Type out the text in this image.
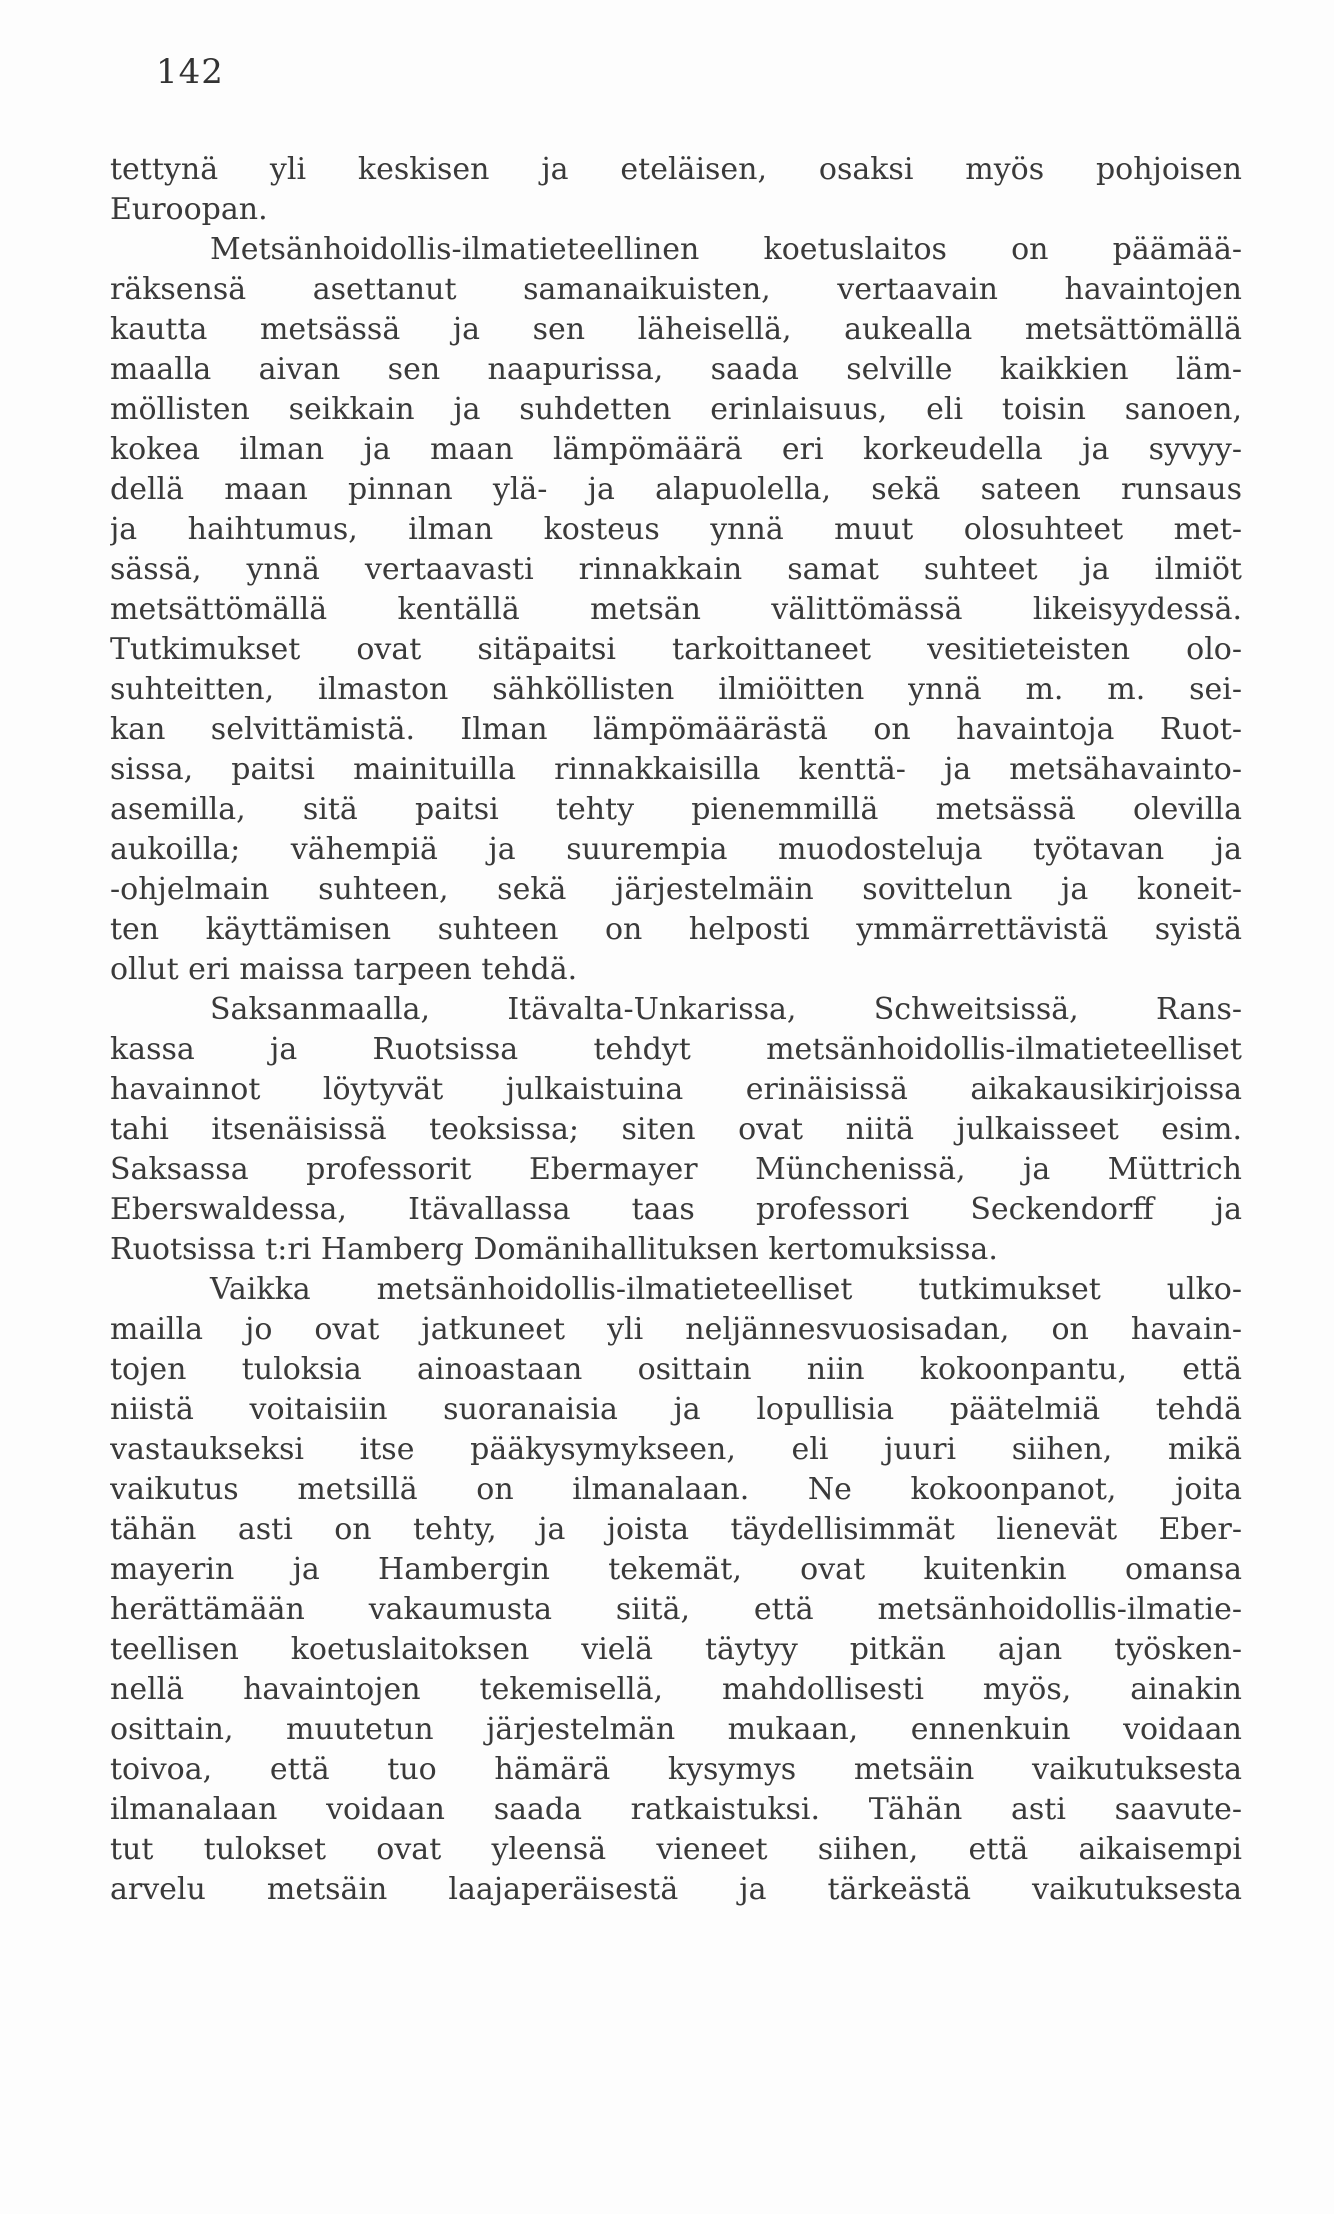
142
tettynä yli keskisen ja eteläisen, osaksi myös pohjoisen
Euroopan.
Metsänhoidollis-ilmatieteellinen koetuslaitos on päämää-
räksensä asettanut samanaikuisten, vertaavain havaintojen
kautta metsässä ja sen läheisellä, aukealla metsättömällä
maalla aivan sen naapurissa, saada selville kaikkien läm-
möllisten seikkain ja suhdetten erinlaisuus, eli toisin sanoen,
kokea ilman ja maan lämpömäärä eri korkeudella ja syvyy-
dellä maan pinnan ylä- ja alapuolella, sekä sateen runsaus
ja haihtumus, ilman kosteus ynnä muut olosuhteet met-
sässä, ynnä vertaavasti rinnakkain samat suhteet ja ilmiöt
metsättömällä kentällä metsän välittömässä likeisyydessä.
Tutkimukset ovat sitäpaitsi tarkoittaneet vesitieteisten olo-
suhteitten, ilmaston sähköllisten ilmiöitten ynnä m. m. sei-
kan selvittämistä. Ilman lämpömäärästä on havaintoja Ruot-
sissa, paitsi mainituilla rinnakkaisilla kenttä- ja metsähavainto-
asemilla, sitä paitsi tehty pienemmillä metsässä olevilla
aukoilla; vähempiä ja suurempia muodosteluja työtavan ja
-ohjelmain suhteen, sekä järjestelmäin sovittelun ja koneit-
ten käyttämisen suhteen on helposti ymmärrettävistä syistä
ollut eri maissa tarpeen tehdä.
Saksanmaalla, Itävalta-Unkarissa, Schweitsissä, Rans-
kassa ja Ruotsissa tehdyt metsänhoidollis-ilmatieteelliset
havainnot löytyvät julkaistuina erinäisissä aikakausikirjoissa
tahi itsenäisissä teoksissa; siten ovat niitä julkaisseet esim.
Saksassa professorit Ebermayer Münchenissä, ja Müttrich
Eberswaldessa, Itävallassa taas professori Seckendorff ja
Ruotsissa t:ri Hamberg Domänihallituksen kertomuksissa.
Vaikka metsänhoidollis-ilmatieteelliset tutkimukset ulko-
mailla jo ovat jatkuneet yli neljännesvuosisadan, on havain-
tojen tuloksia ainoastaan osittain niin kokoonpantu, että
niistä voitaisiin suoranaisia ja lopullisia päätelmiä tehdä
vastaukseksi itse pääkysymykseen, eli juuri siihen, mikä
vaikutus metsillä on ilmanalaan. Ne kokoonpanot, joita
tähän asti on tehty, ja joista täydellisimmät lienevät Eber-
mayerin ja Hambergin tekemät, ovat kuitenkin omansa
herättämään vakaumusta siitä, että metsänhoidollis-ilmatie-
teellisen koetuslaitoksen vielä täytyy pitkän ajan työsken-
nellä havaintojen tekemisellä, mahdollisesti myös, ainakin
osittain, muutetun järjestelmän mukaan, ennenkuin voidaan
toivoa, että tuo hämärä kysymys metsäin vaikutuksesta
ilmanalaan voidaan saada ratkaistuksi. Tähän asti saavute-
tut tulokset ovat yleensä vieneet siihen, että aikaisempi
arvelu metsäin laajaperäisestä ja tärkeästä vaikutuksesta
